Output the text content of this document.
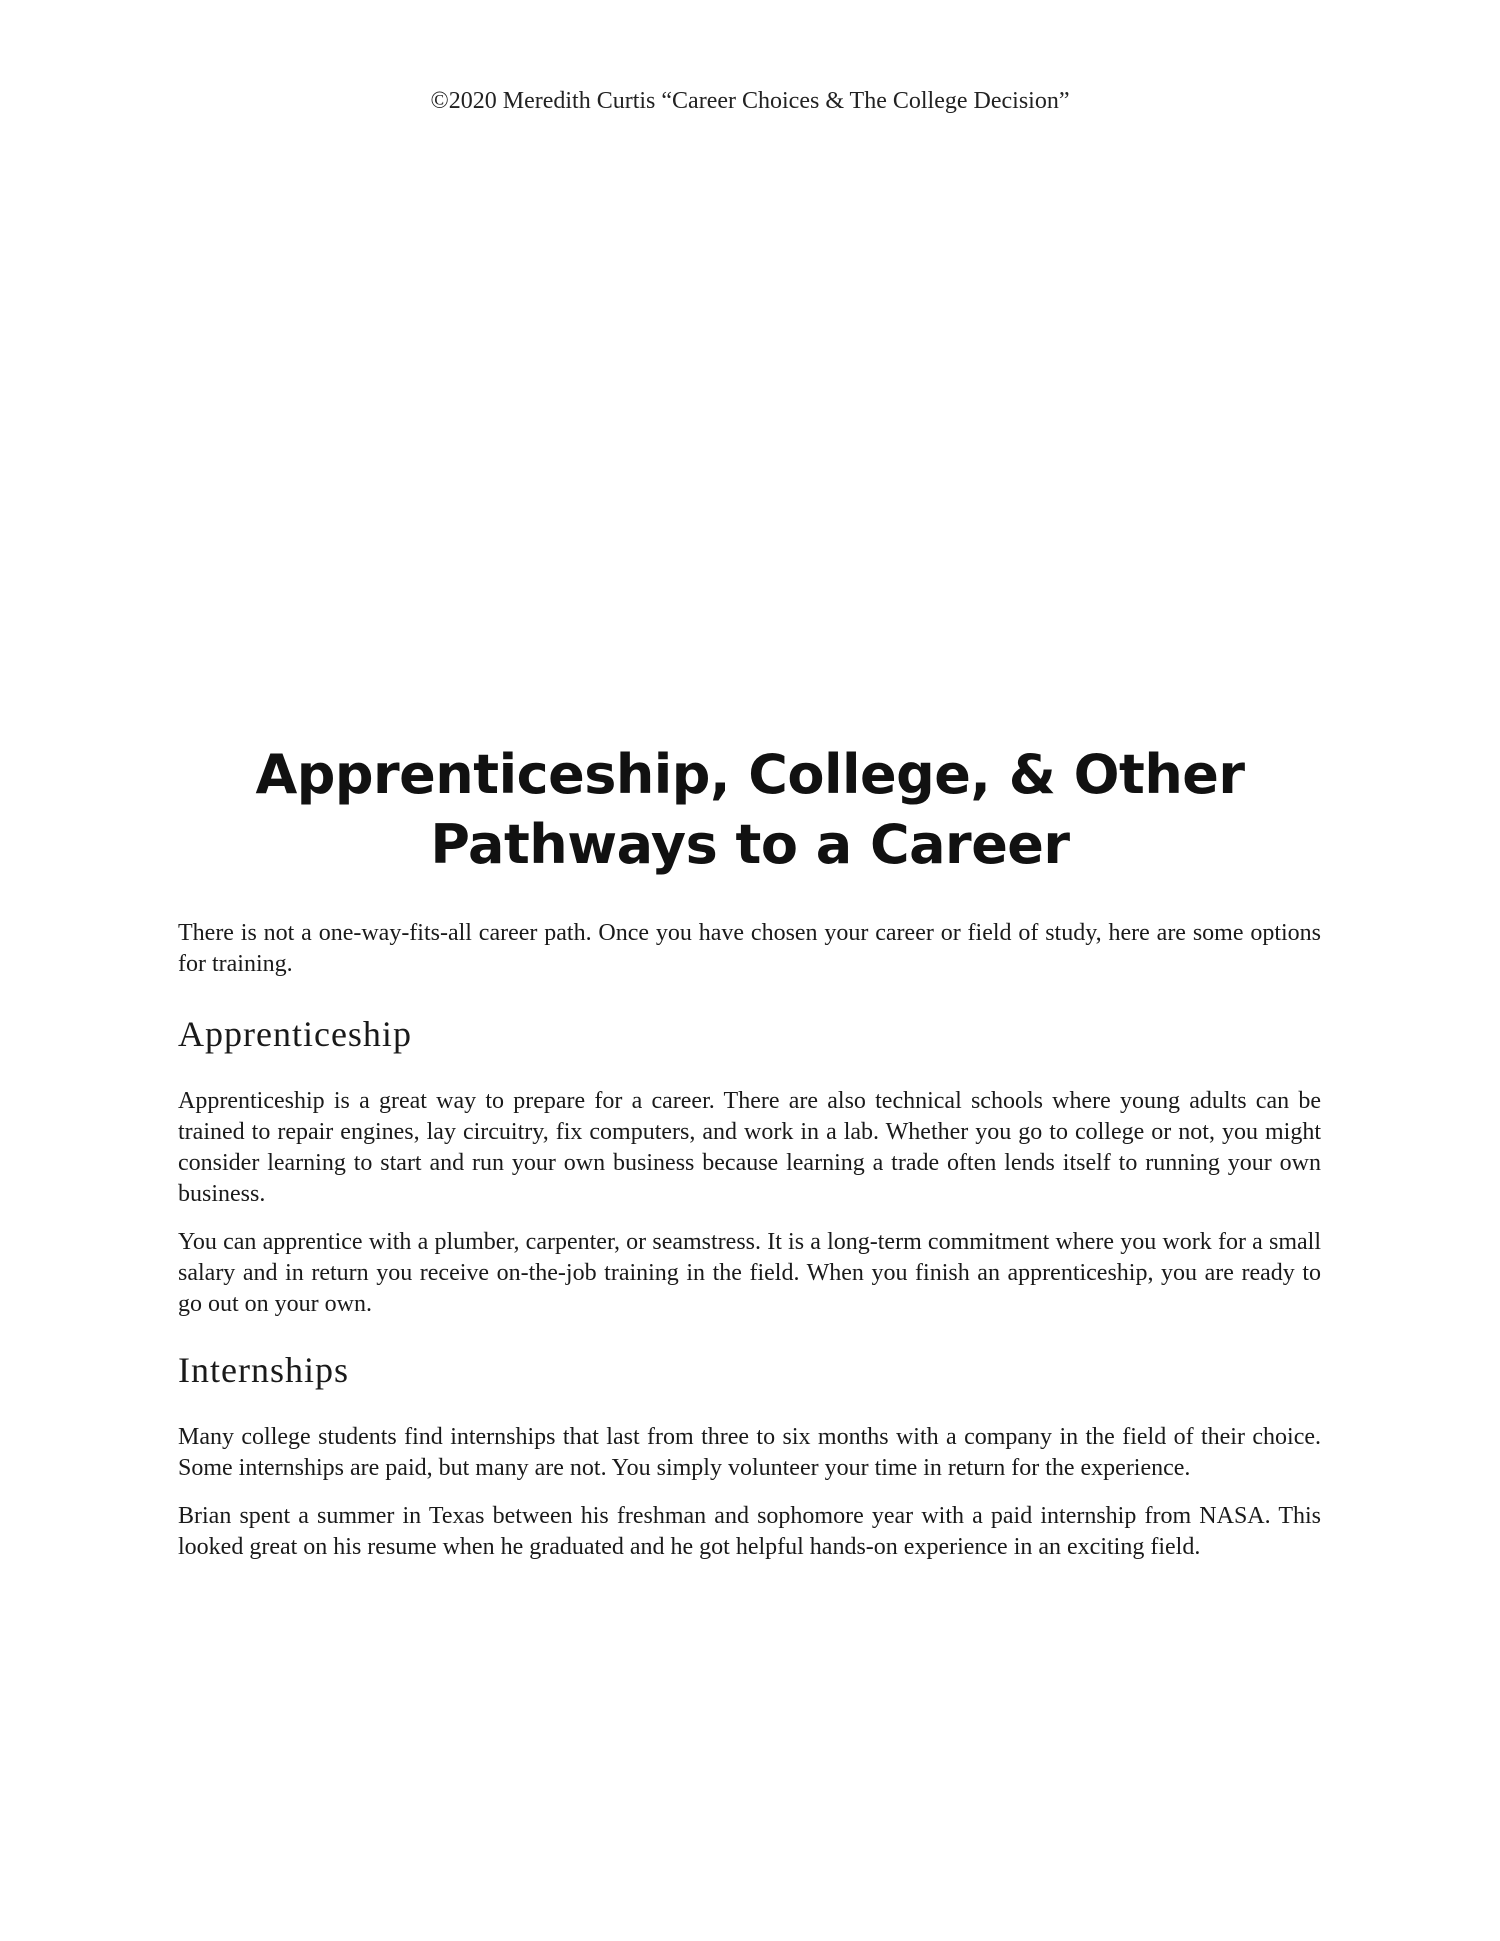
©2020 Meredith Curtis “Career Choices & The College Decision”
Apprenticeship, College, & Other
Pathways to a Career

There is not a one-way-fits-all career path. Once you have chosen your career or field of study, here are some options for training.

Apprenticeship

Apprenticeship is a great way to prepare for a career. There are also technical schools where young adults can be trained to repair engines, lay circuitry, fix computers, and work in a lab. Whether you go to college or not, you might consider learning to start and run your own business because learning a trade often lends itself to running your own business.

You can apprentice with a plumber, carpenter, or seamstress. It is a long-term commitment where you work for a small salary and in return you receive on-the-job training in the field. When you finish an apprenticeship, you are ready to go out on your own.

Internships

Many college students find internships that last from three to six months with a company in the field of their choice. Some internships are paid, but many are not. You simply volunteer your time in return for the experience.

Brian spent a summer in Texas between his freshman and sophomore year with a paid internship from NASA. This looked great on his resume when he graduated and he got helpful hands-on experience in an exciting field.
